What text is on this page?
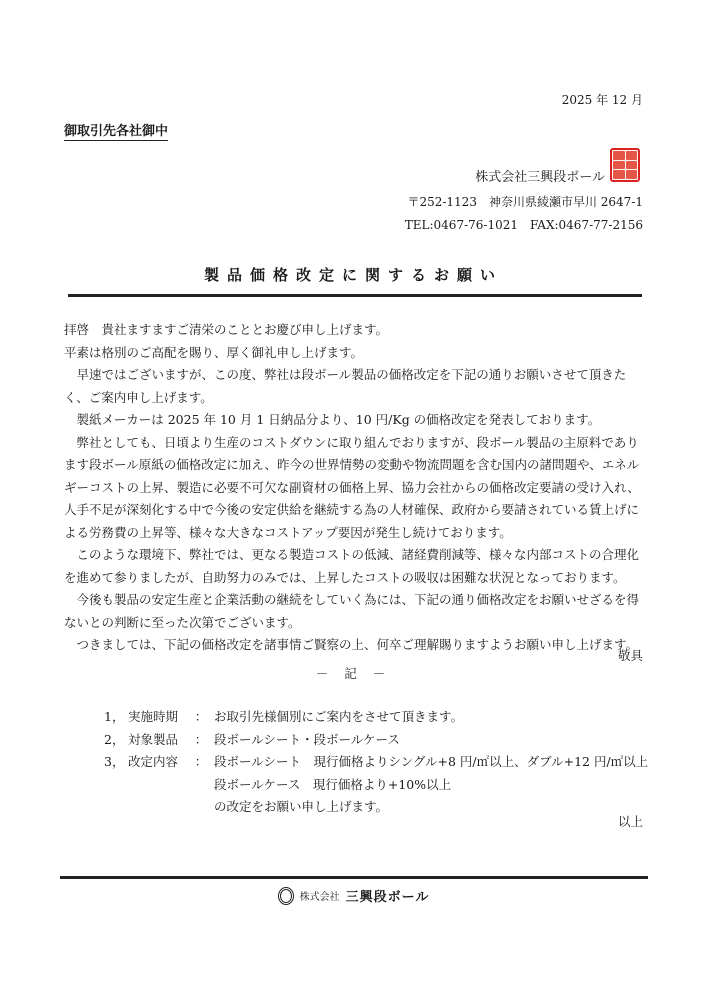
2025 年 12 月
御取引先各社御中
株式会社三興段ボール
〒252-1123　神奈川県綾瀬市早川 2647-1
TEL:0467-76-1021　FAX:0467-77-2156
製品価格改定に関するお願い

拝啓　貴社ますますご清栄のこととお慶び申し上げます。

平素は格別のご高配を賜り、厚く御礼申し上げます。

早速ではございますが、この度、弊社は段ボール製品の価格改定を下記の通りお願いさせて頂きたく、ご案内申し上げます。

製紙メーカーは 2025 年 10 月 1 日納品分より、10 円/Kg の価格改定を発表しております。

弊社としても、日頃より生産のコストダウンに取り組んでおりますが、段ボール製品の主原料であります段ボール原紙の価格改定に加え、昨今の世界情勢の変動や物流問題を含む国内の諸問題や、エネルギーコストの上昇、製造に必要不可欠な副資材の価格上昇、協力会社からの価格改定要請の受け入れ、人手不足が深刻化する中で今後の安定供給を継続する為の人材確保、政府から要請されている賃上げによる労務費の上昇等、様々な大きなコストアップ要因が発生し続けております。

このような環境下、弊社では、更なる製造コストの低減、諸経費削減等、様々な内部コストの合理化を進めて参りましたが、自助努力のみでは、上昇したコストの吸収は困難な状況となっております。

今後も製品の安定生産と企業活動の継続をしていく為には、下記の通り価格改定をお願いせざるを得ないとの判断に至った次第でございます。

つきましては、下記の価格改定を諸事情ご賢察の上、何卒ご理解賜りますようお願い申し上げます。

敬具
－ 記 －
1， 実施時期	： お取引先様個別にご案内をさせて頂きます。
2， 対象製品	： 段ボールシート・段ボールケース
3， 改定内容	： 段ボールシート　現行価格よりシングル+8 円/㎡以上、ダブル+12 円/㎡以上
段ボールケース　現行価格より+10%以上
の改定をお願い申し上げます。
以上
株式会社 三興段ボール
